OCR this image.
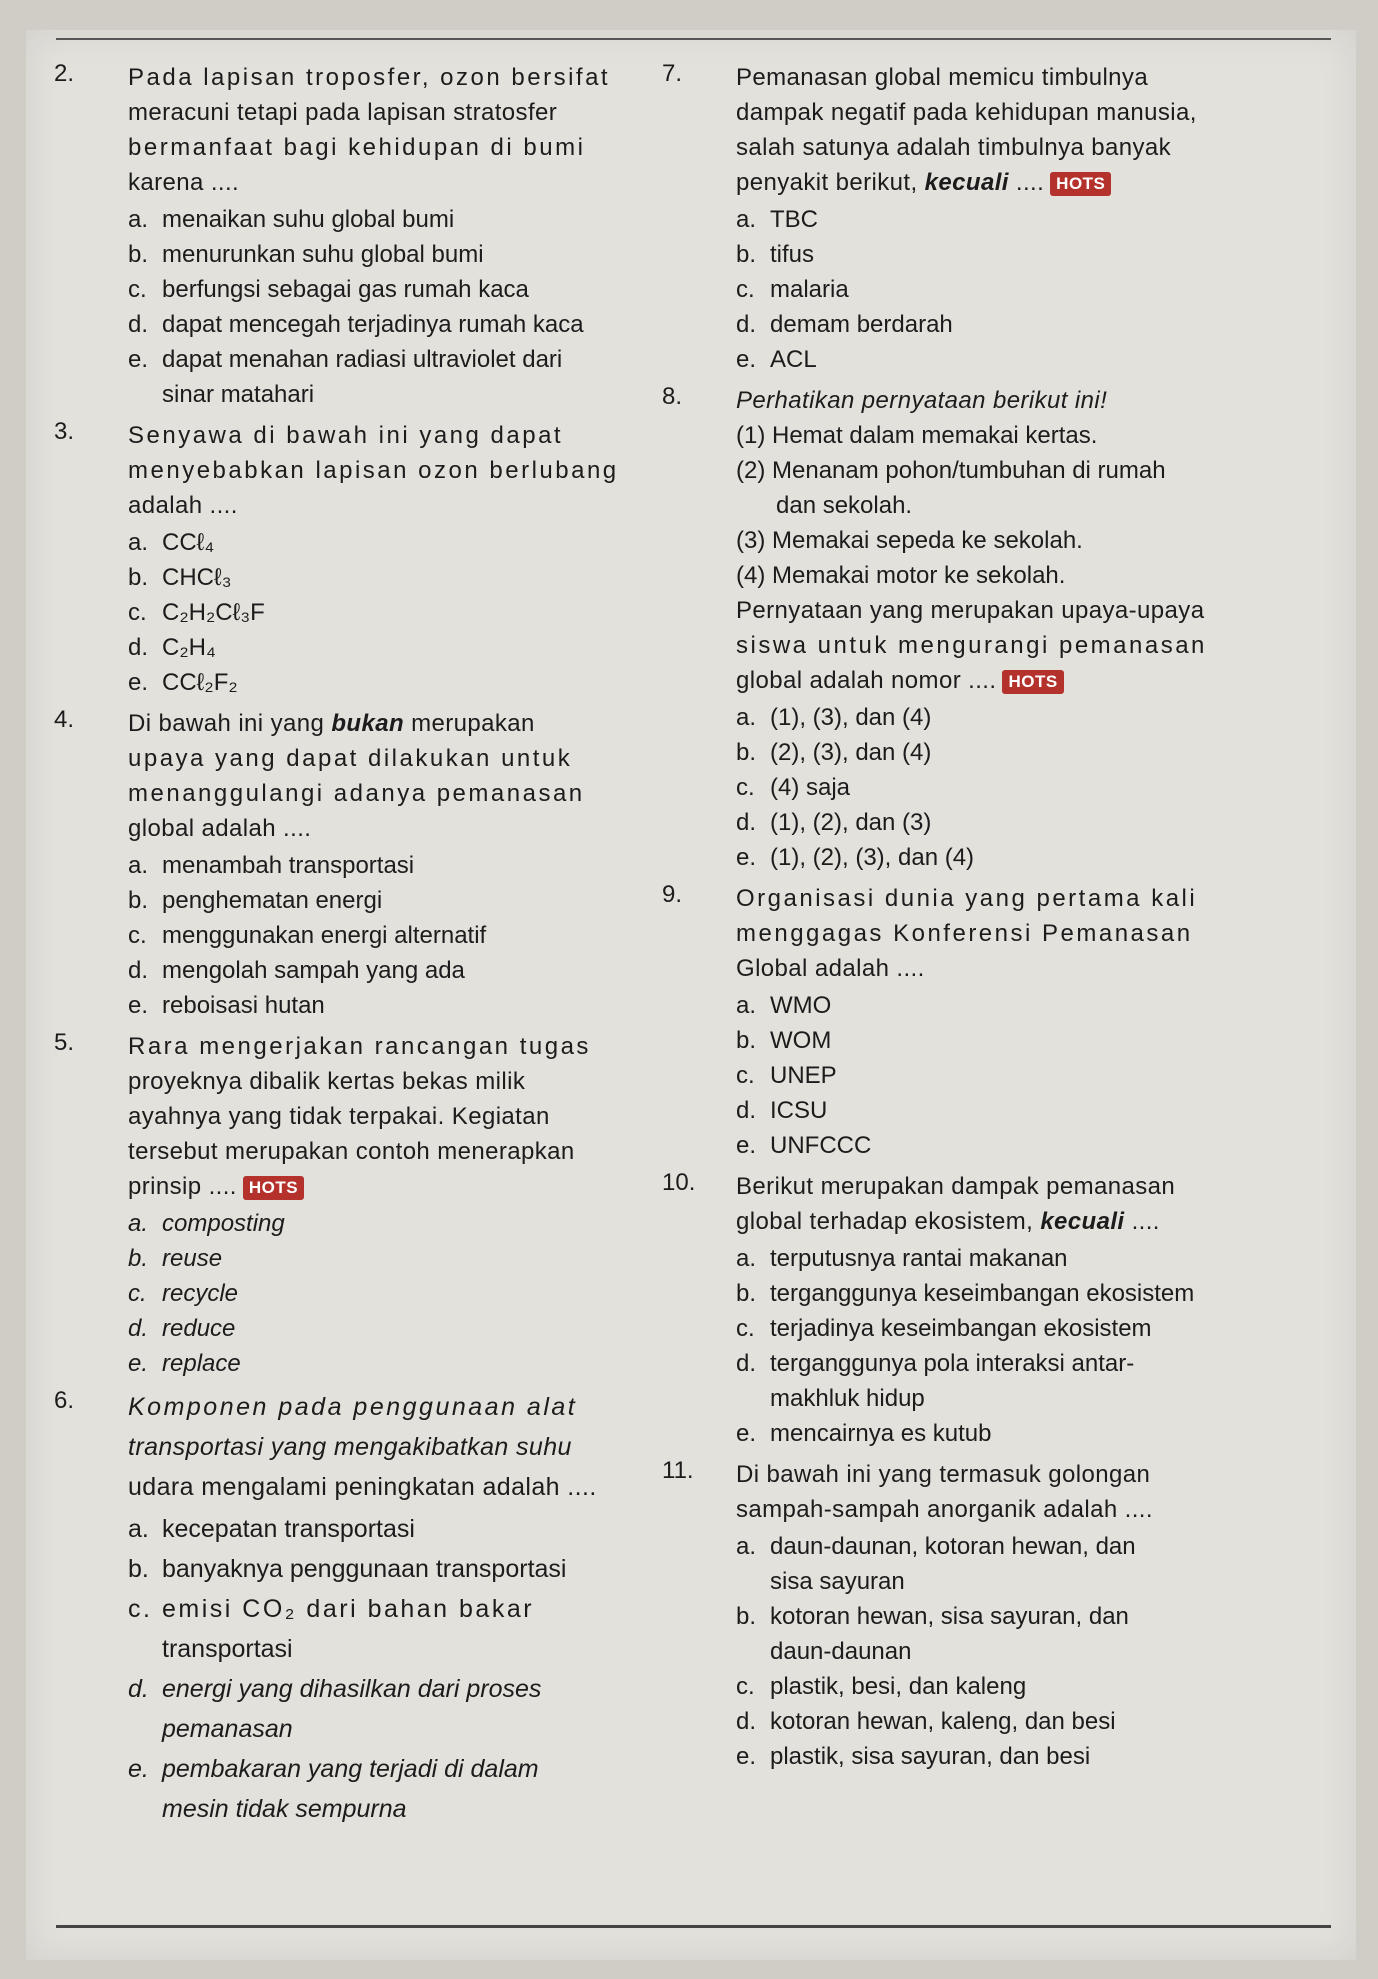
2.	Pada lapisan troposfer, ozon bersifat
meracuni tetapi pada lapisan stratosfer
bermanfaat bagi kehidupan di bumi
karena ....
a. menaikan suhu global bumi
b. menurunkan suhu global bumi
c. berfungsi sebagai gas rumah kaca
d. dapat mencegah terjadinya rumah kaca
e. dapat menahan radiasi ultraviolet dari
sinar matahari
3.	Senyawa di bawah ini yang dapat
menyebabkan lapisan ozon berlubang
adalah ....
a. CCℓ₄
b. CHCℓ₃
c. C₂H₂Cℓ₃F
d. C₂H₄
e. CCℓ₂F₂
4.	Di bawah ini yang bukan merupakan
upaya yang dapat dilakukan untuk
menanggulangi adanya pemanasan
global adalah ....
a. menambah transportasi
b. penghematan energi
c. menggunakan energi alternatif
d. mengolah sampah yang ada
e. reboisasi hutan
5.	Rara mengerjakan rancangan tugas
proyeknya dibalik kertas bekas milik
ayahnya yang tidak terpakai. Kegiatan
tersebut merupakan contoh menerapkan
prinsip .... HOTS
a. composting
b. reuse
c. recycle
d. reduce
e. replace
6.	Komponen pada penggunaan alat
transportasi yang mengakibatkan suhu
udara mengalami peningkatan adalah ....
a. kecepatan transportasi
b. banyaknya penggunaan transportasi
c. emisi CO₂ dari bahan bakar
transportasi
d. energi yang dihasilkan dari proses
pemanasan
e. pembakaran yang terjadi di dalam
mesin tidak sempurna
7.	Pemanasan global memicu timbulnya
dampak negatif pada kehidupan manusia,
salah satunya adalah timbulnya banyak
penyakit berikut, kecuali .... HOTS
a. TBC
b. tifus
c. malaria
d. demam berdarah
e. ACL
8.	Perhatikan pernyataan berikut ini!
(1) Hemat dalam memakai kertas.
(2) Menanam pohon/tumbuhan di rumah
dan sekolah.
(3) Memakai sepeda ke sekolah.
(4) Memakai motor ke sekolah.
Pernyataan yang merupakan upaya-upaya
siswa untuk mengurangi pemanasan
global adalah nomor .... HOTS
a. (1), (3), dan (4)
b. (2), (3), dan (4)
c. (4) saja
d. (1), (2), dan (3)
e. (1), (2), (3), dan (4)
9.	Organisasi dunia yang pertama kali
menggagas Konferensi Pemanasan
Global adalah ....
a. WMO
b. WOM
c. UNEP
d. ICSU
e. UNFCCC
10.	Berikut merupakan dampak pemanasan
global terhadap ekosistem, kecuali ....
a. terputusnya rantai makanan
b. terganggunya keseimbangan ekosistem
c. terjadinya keseimbangan ekosistem
d. terganggunya pola interaksi antar-
makhluk hidup
e. mencairnya es kutub
11.	Di bawah ini yang termasuk golongan
sampah-sampah anorganik adalah ....
a. daun-daunan, kotoran hewan, dan
sisa sayuran
b. kotoran hewan, sisa sayuran, dan
daun-daunan
c. plastik, besi, dan kaleng
d. kotoran hewan, kaleng, dan besi
e. plastik, sisa sayuran, dan besi
